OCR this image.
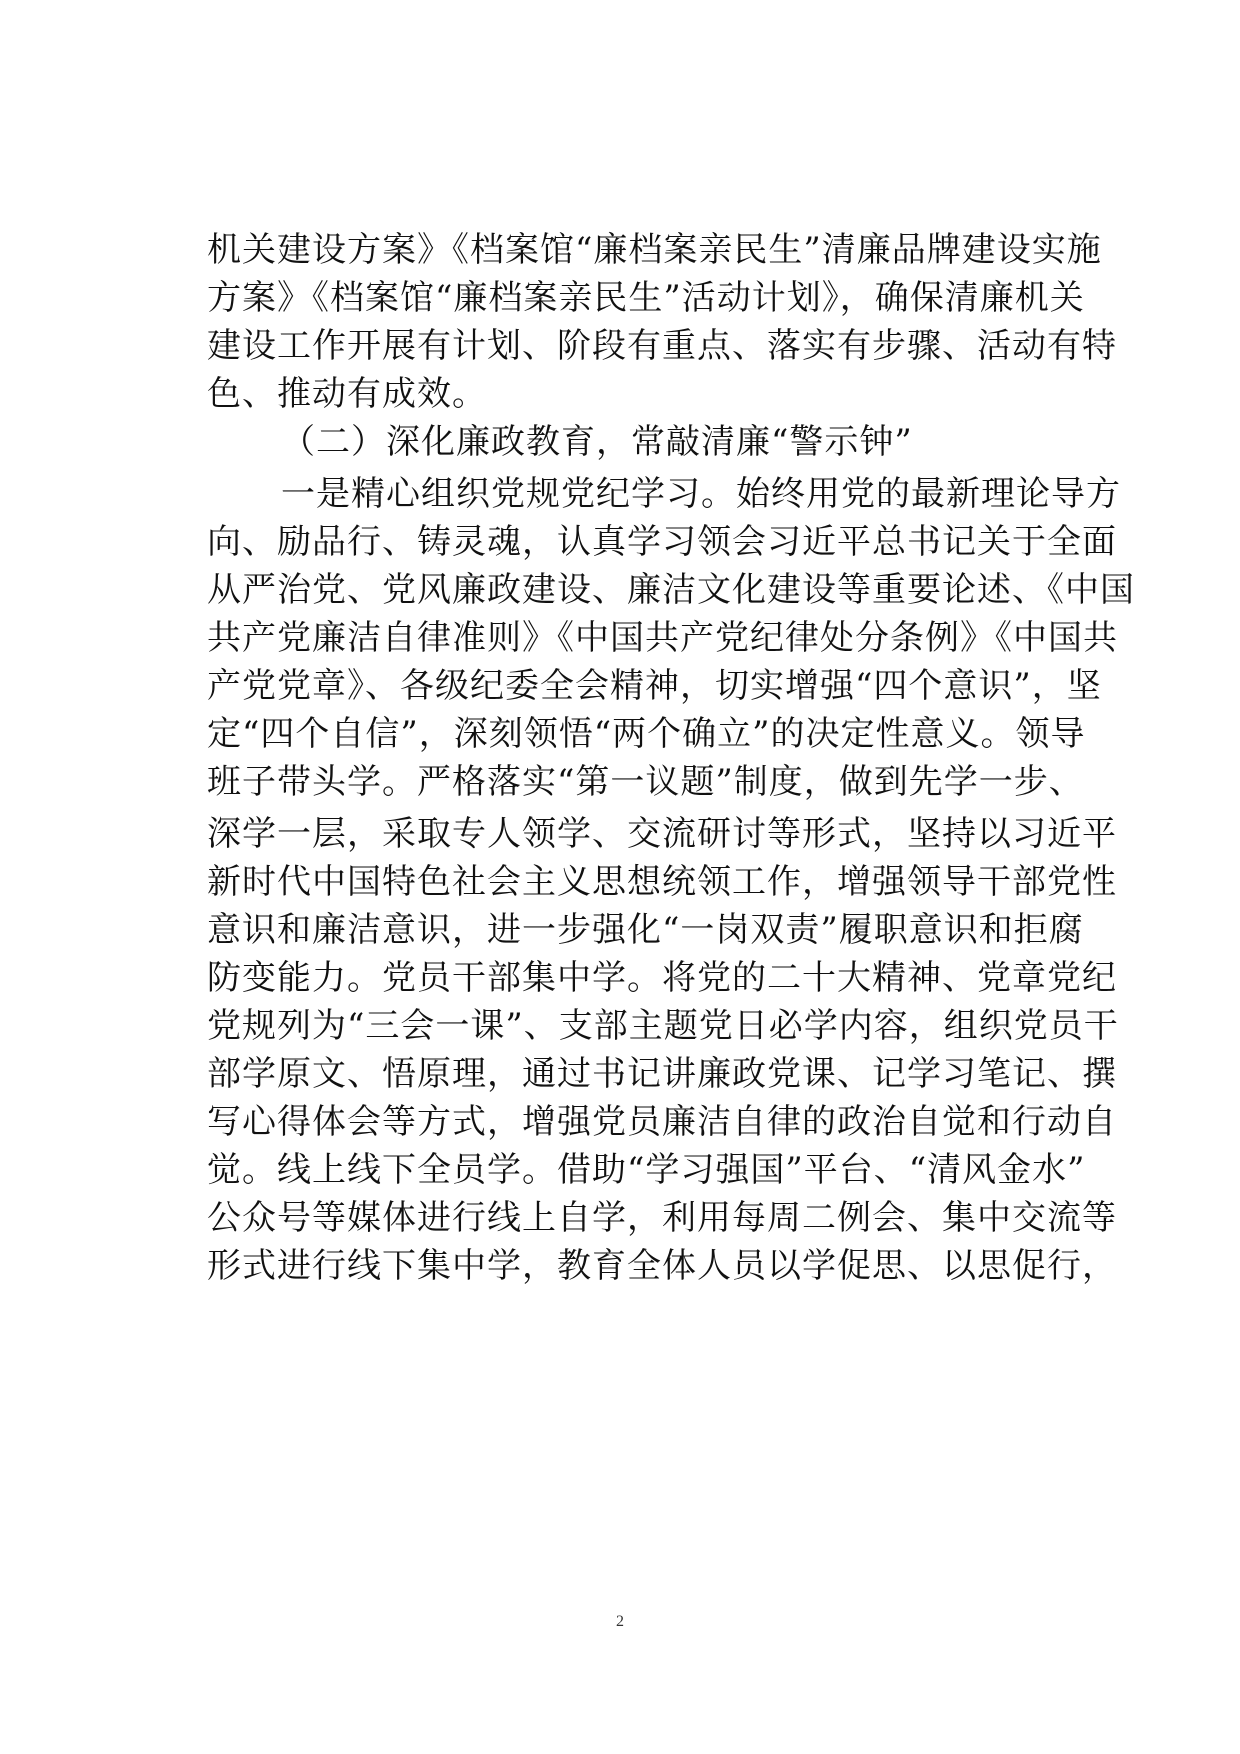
机关建设方案》《档案馆“廉档案亲民生”清廉品牌建设实施
方案》《档案馆“廉档案亲民生”活动计划》，确保清廉机关
建设工作开展有计划、阶段有重点、落实有步骤、活动有特
色、推动有成效。
（二）深化廉政教育，常敲清廉“警示钟”
一是精心组织党规党纪学习。始终用党的最新理论导方
向、励品行、铸灵魂，认真学习领会习近平总书记关于全面
从严治党、党风廉政建设、廉洁文化建设等重要论述、《中国
共产党廉洁自律准则》《中国共产党纪律处分条例》《中国共
产党党章》、各级纪委全会精神，切实增强“四个意识”，坚
定“四个自信”，深刻领悟“两个确立”的决定性意义。领导
班子带头学。严格落实“第一议题”制度，做到先学一步、
深学一层，采取专人领学、交流研讨等形式，坚持以习近平
新时代中国特色社会主义思想统领工作，增强领导干部党性
意识和廉洁意识，进一步强化“一岗双责”履职意识和拒腐
防变能力。党员干部集中学。将党的二十大精神、党章党纪
党规列为“三会一课”、支部主题党日必学内容，组织党员干
部学原文、悟原理，通过书记讲廉政党课、记学习笔记、撰
写心得体会等方式，增强党员廉洁自律的政治自觉和行动自
觉。线上线下全员学。借助“学习强国”平台、“清风金水”
公众号等媒体进行线上自学，利用每周二例会、集中交流等
形式进行线下集中学，教育全体人员以学促思、以思促行，
2
